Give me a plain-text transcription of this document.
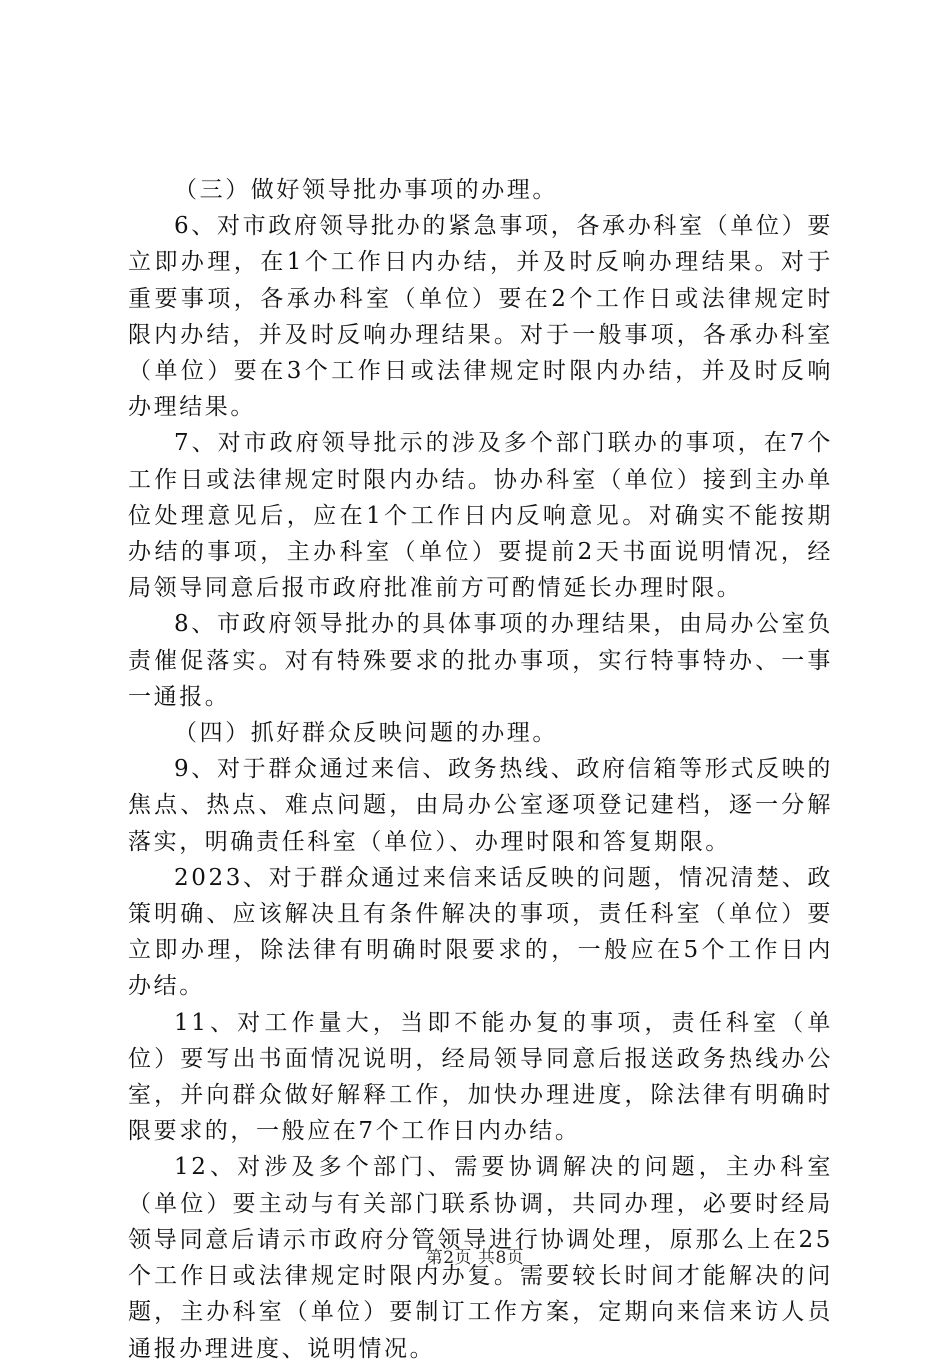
（三）做好领导批办事项的办理。

6、对市政府领导批办的紧急事项，各承办科室（单位）要立即办理，在1个工作日内办结，并及时反响办理结果。对于重要事项，各承办科室（单位）要在2个工作日或法律规定时限内办结，并及时反响办理结果。对于一般事项，各承办科室（单位）要在3个工作日或法律规定时限内办结，并及时反响办理结果。

7、对市政府领导批示的涉及多个部门联办的事项，在7个工作日或法律规定时限内办结。协办科室（单位）接到主办单位处理意见后，应在1个工作日内反响意见。对确实不能按期办结的事项，主办科室（单位）要提前2天书面说明情况，经局领导同意后报市政府批准前方可酌情延长办理时限。

8、市政府领导批办的具体事项的办理结果，由局办公室负责催促落实。对有特殊要求的批办事项，实行特事特办、一事一通报。

（四）抓好群众反映问题的办理。

9、对于群众通过来信、政务热线、政府信箱等形式反映的焦点、热点、难点问题，由局办公室逐项登记建档，逐一分解落实，明确责任科室（单位）、办理时限和答复期限。

2023、对于群众通过来信来话反映的问题，情况清楚、政策明确、应该解决且有条件解决的事项，责任科室（单位）要立即办理，除法律有明确时限要求的，一般应在5个工作日内办结。

11、对工作量大，当即不能办复的事项，责任科室（单位）要写出书面情况说明，经局领导同意后报送政务热线办公室，并向群众做好解释工作，加快办理进度，除法律有明确时限要求的，一般应在7个工作日内办结。

12、对涉及多个部门、需要协调解决的问题，主办科室（单位）要主动与有关部门联系协调，共同办理，必要时经局领导同意后请示市政府分管领导进行协调处理，原那么上在25个工作日或法律规定时限内办复。需要较长时间才能解决的问题，主办科室（单位）要制订工作方案，定期向来信来访人员通报办理进度、说明情况。

第2页 共8页
